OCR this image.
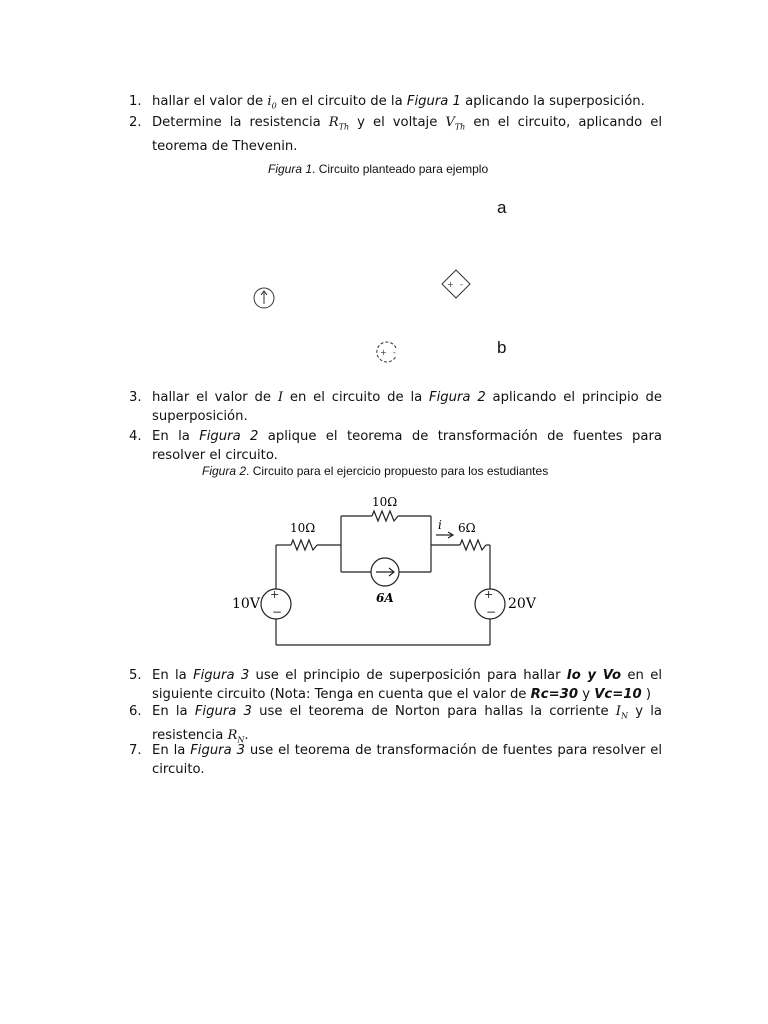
1. hallar el valor de $i_0$ en el circuito de la Figura 1 aplicando la superposición.
2. Determine la resistencia $R_{Th}$ y el voltaje $V_{Th}$ en el circuito, aplicando el teorema de Thevenin.
Figura 1. Circuito planteado para ejemplo
a
b
+ -
+ -
3. hallar el valor de I en el circuito de la Figura 2 aplicando el principio de superposición.
4. En la Figura 2 aplique el teorema de transformación de fuentes para resolver el circuito.
Figura 2. Circuito para el ejercicio propuesto para los estudiantes
+
−
+
−
10Ω
10Ω	6Ω
i
6A
10V	20V
5. En la Figura 3 use el principio de superposición para hallar Io y Vo en el siguiente circuito (Nota: Tenga en cuenta que el valor de Rc=30 y Vc=10 )
6. En la Figura 3 use el teorema de Norton para hallas la corriente $I_N$ y la resistencia $R_N$.
7. En la Figura 3 use el teorema de transformación de fuentes para resolver el circuito.
